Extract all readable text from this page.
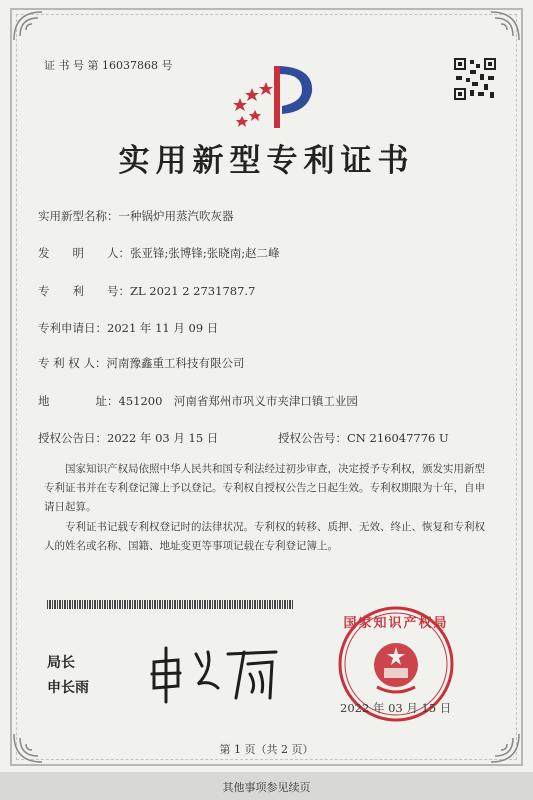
证 书 号 第 16037868 号
实用新型专利证书
实用新型名称：一种锅炉用蒸汽吹灰器
发　　明　　人：张亚锋;张博锋;张晓南;赵二峰
专　　利　　号：ZL 2021 2 2731787.7
专利申请日：2021 年 11 月 09 日
专 利 权 人：河南豫鑫重工科技有限公司
地　　　　址：451200　河南省郑州市巩义市夹津口镇工业园
授权公告日：2022 年 03 月 15 日	授权公告号：CN 216047776 U
国家知识产权局依照中华人民共和国专利法经过初步审查，决定授予专利权，颁发实用新型专利证书并在专利登记簿上予以登记。专利权自授权公告之日起生效。专利权期限为十年，自申请日起算。
专利证书记载专利权登记时的法律状况。专利权的转移、质押、无效、终止、恢复和专利权人的姓名或名称、国籍、地址变更等事项记载在专利登记簿上。
局长
申长雨
国家知识产权局
2022 年 03 月 15 日
第 1 页（共 2 页）
其他事项参见续页
